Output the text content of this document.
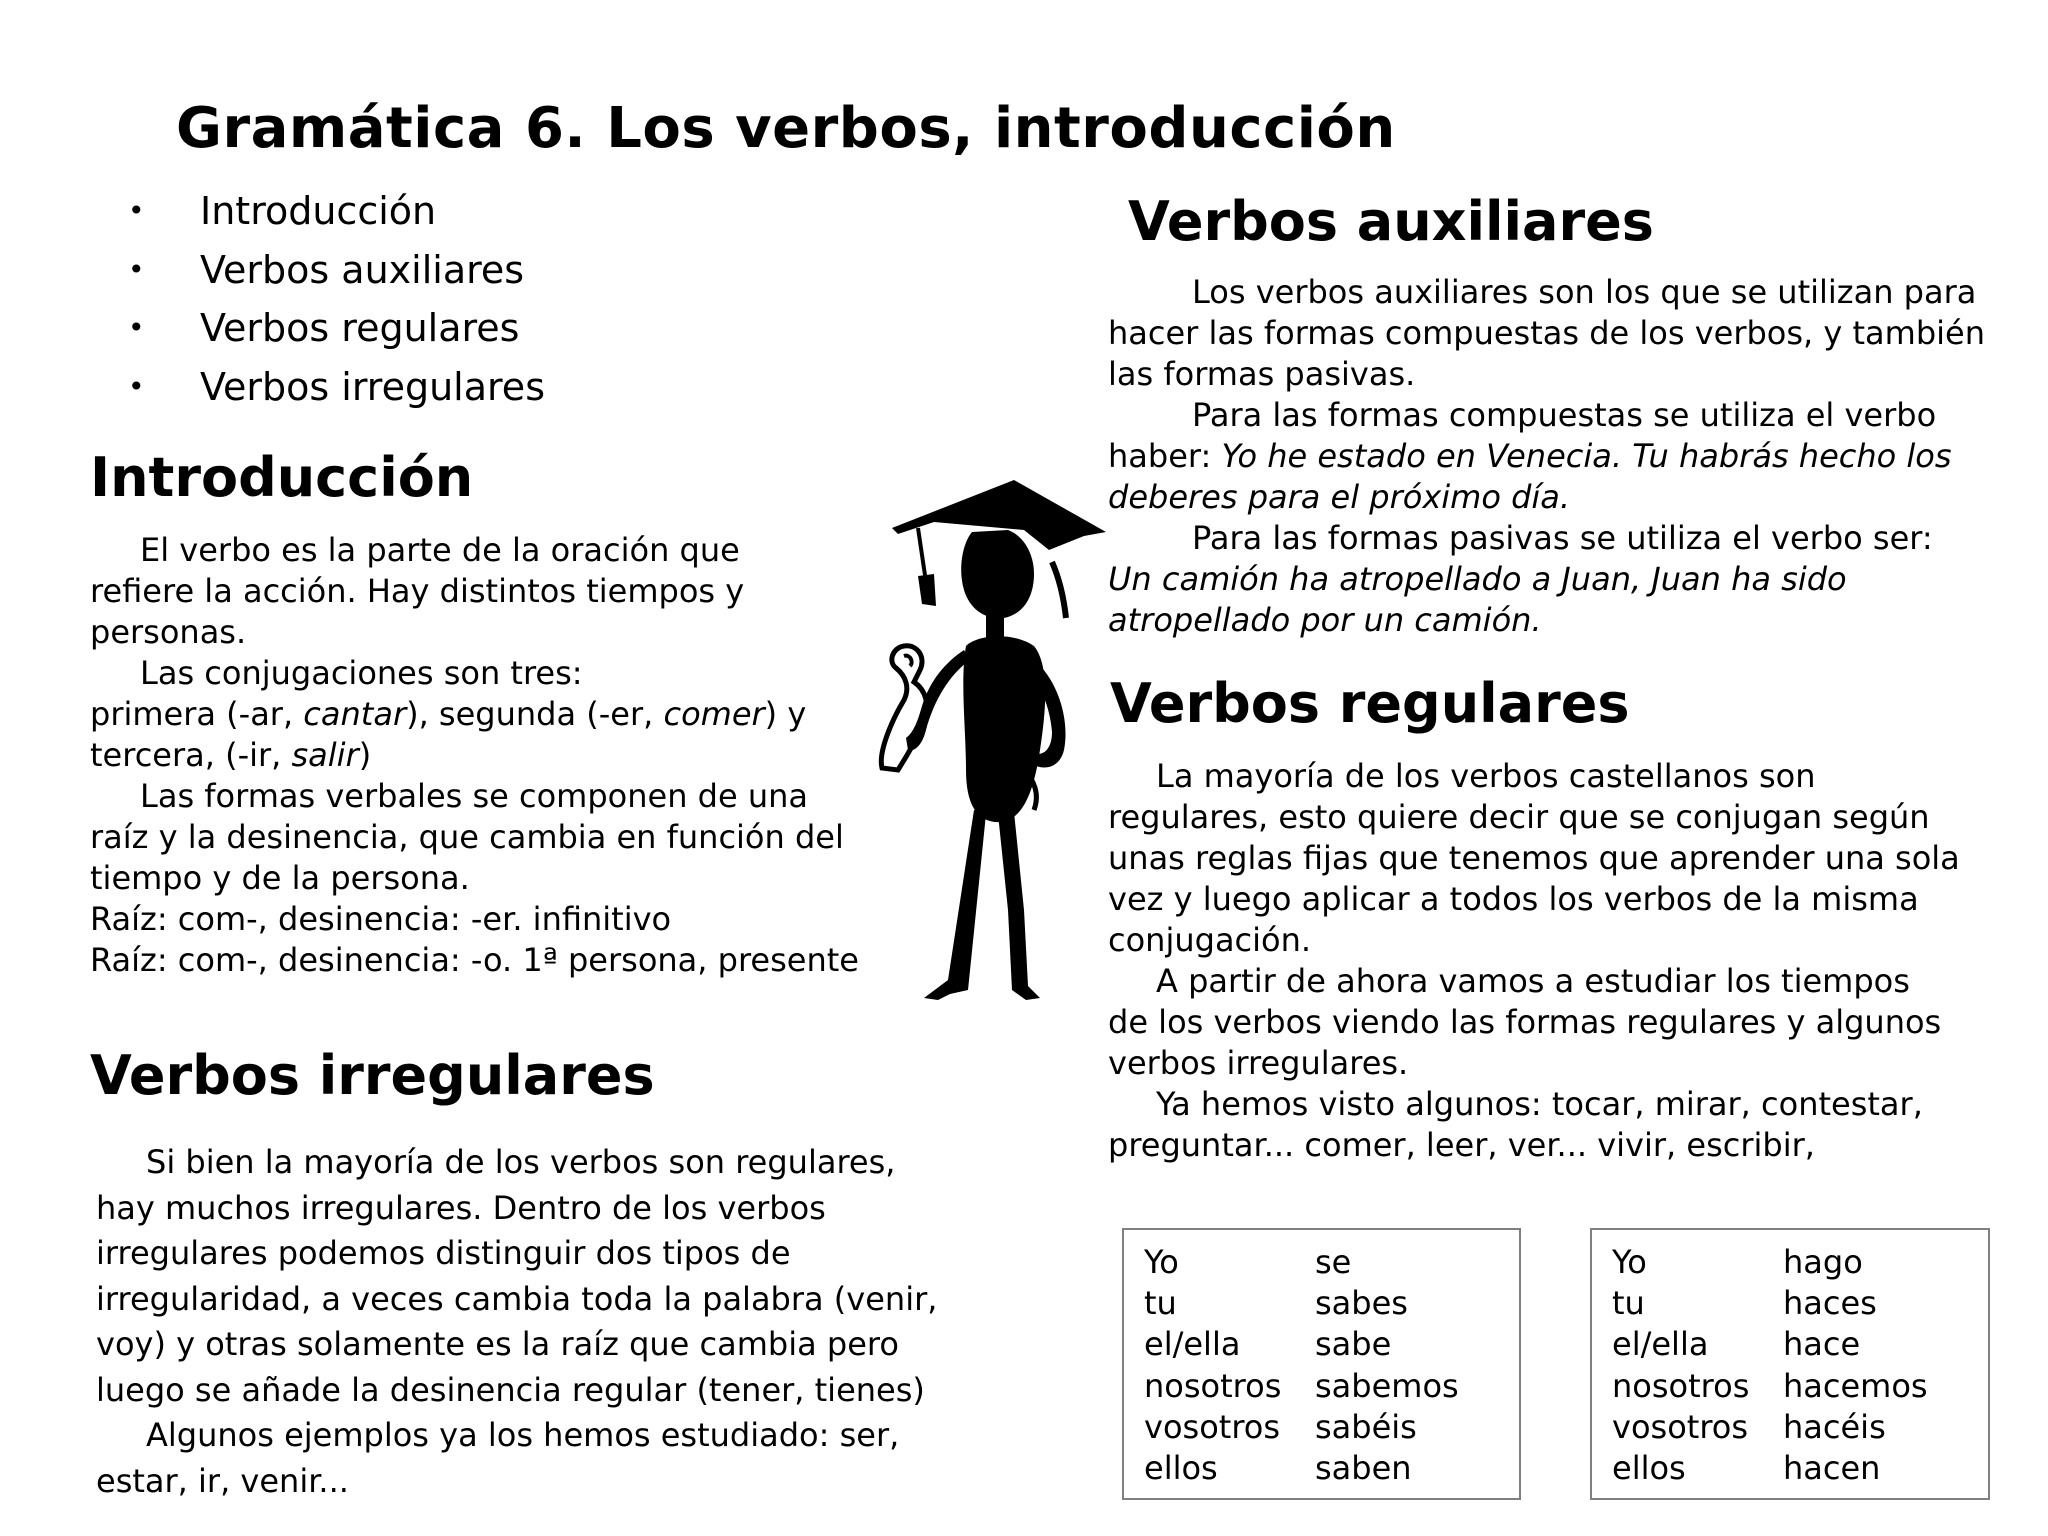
Gramática 6. Los verbos, introducción
• Introducción
• Verbos auxiliares
• Verbos regulares
• Verbos irregulares
Introducción

El verbo es la parte de la oración que

refiere la acción. Hay distintos tiempos y

personas.

Las conjugaciones son tres:

primera (-ar, cantar), segunda (-er, comer) y

tercera, (-ir, salir)

Las formas verbales se componen de una

raíz y la desinencia, que cambia en función del

tiempo y de la persona.

Raíz: com-, desinencia: -er. infinitivo

Raíz: com-, desinencia: -o. 1ª persona, presente

Verbos irregulares

Si bien la mayoría de los verbos son regulares,

hay muchos irregulares. Dentro de los verbos

irregulares podemos distinguir dos tipos de

irregularidad, a veces cambia toda la palabra (venir,

voy) y otras solamente es la raíz que cambia pero

luego se añade la desinencia regular (tener, tienes)

Algunos ejemplos ya los hemos estudiado: ser,

estar, ir, venir...

Verbos auxiliares

Los verbos auxiliares son los que se utilizan para

hacer las formas compuestas de los verbos, y también

las formas pasivas.

Para las formas compuestas se utiliza el verbo

haber: Yo he estado en Venecia. Tu habrás hecho los

deberes para el próximo día.

Para las formas pasivas se utiliza el verbo ser:

Un camión ha atropellado a Juan, Juan ha sido

atropellado por un camión.

Verbos regulares

La mayoría de los verbos castellanos son

regulares, esto quiere decir que se conjugan según

unas reglas fijas que tenemos que aprender una sola

vez y luego aplicar a todos los verbos de la misma

conjugación.

A partir de ahora vamos a estudiar los tiempos

de los verbos viendo las formas regulares y algunos

verbos irregulares.

Ya hemos visto algunos: tocar, mirar, contestar,

preguntar... comer, leer, ver... vivir, escribir,

Yo	se
tu	sabes
el/ella	sabe
nosotros	sabemos
vosotros	sabéis
ellos	saben
Yo	hago
tu	haces
el/ella	hace
nosotros	hacemos
vosotros	hacéis
ellos	hacen
